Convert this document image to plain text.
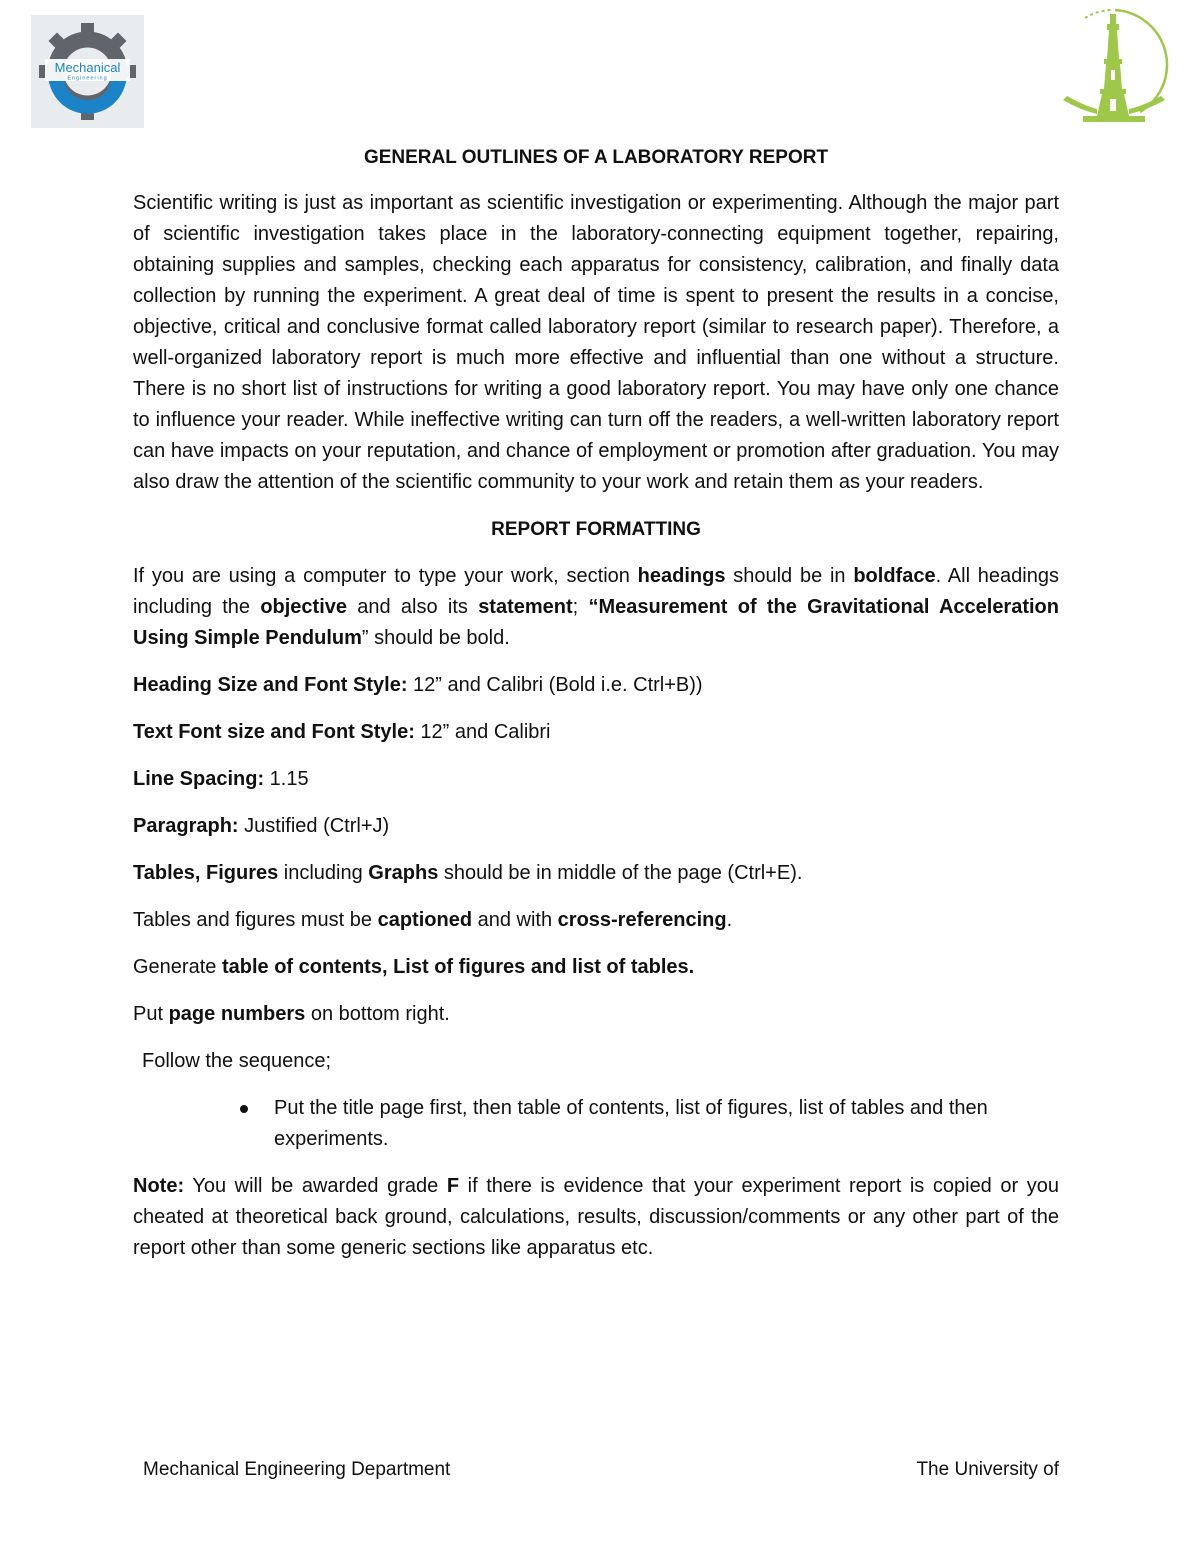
Mechanical
Engineering
GENERAL OUTLINES OF A LABORATORY REPORT
Scientific writing is just as important as scientific investigation or experimenting. Although the major part of scientific investigation takes place in the laboratory-connecting equipment together, repairing, obtaining supplies and samples, checking each apparatus for consistency, calibration, and finally data collection by running the experiment. A great deal of time is spent to present the results in a concise, objective, critical and conclusive format called laboratory report (similar to research paper). Therefore, a well-organized laboratory report is much more effective and influential than one without a structure. There is no short list of instructions for writing a good laboratory report. You may have only one chance to influence your reader. While ineffective writing can turn off the readers, a well-written laboratory report can have impacts on your reputation, and chance of employment or promotion after graduation. You may also draw the attention of the scientific community to your work and retain them as your readers.
REPORT FORMATTING
If you are using a computer to type your work, section headings should be in boldface. All headings including the objective and also its statement; “Measurement of the Gravitational Acceleration Using Simple Pendulum” should be bold.
Heading Size and Font Style: 12” and Calibri (Bold i.e. Ctrl+B))
Text Font size and Font Style: 12” and Calibri
Line Spacing: 1.15
Paragraph: Justified (Ctrl+J)
Tables, Figures including Graphs should be in middle of the page (Ctrl+E).
Tables and figures must be captioned and with cross-referencing.
Generate table of contents, List of figures and list of tables.
Put page numbers on bottom right.
Follow the sequence;
Put the title page first, then table of contents, list of figures, list of tables and then experiments.
Note: You will be awarded grade F if there is evidence that your experiment report is copied or you cheated at theoretical back ground, calculations, results, discussion/comments or any other part of the report other than some generic sections like apparatus etc.
Mechanical Engineering Department	The University of
